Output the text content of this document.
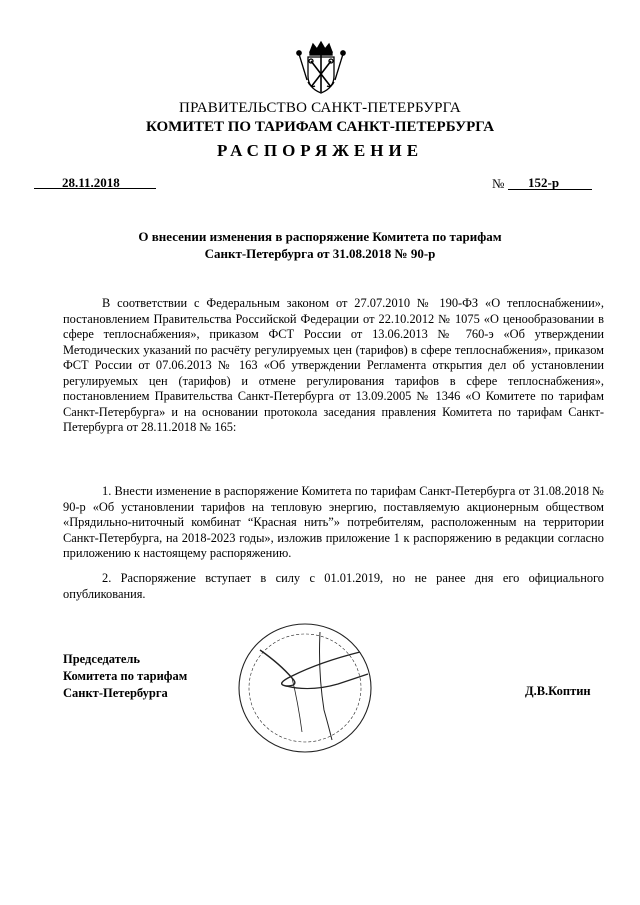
ПРАВИТЕЛЬСТВО САНКТ-ПЕТЕРБУРГА
КОМИТЕТ ПО ТАРИФАМ САНКТ-ПЕТЕРБУРГА
РАСПОРЯЖЕНИЕ
28.11.2018	№ 152-р
О внесении изменения в распоряжение Комитета по тарифам
Санкт-Петербурга от 31.08.2018 № 90-р
В соответствии с Федеральным законом от 27.07.2010 № 190-ФЗ «О теплоснабжении», постановлением Правительства Российской Федерации от 22.10.2012 № 1075 «О ценообразовании в сфере теплоснабжения», приказом ФСТ России от 13.06.2013 № 760-э «Об утверждении Методических указаний по расчёту регулируемых цен (тарифов) в сфере теплоснабжения», приказом ФСТ России от 07.06.2013 № 163 «Об утверждении Регламента открытия дел об установлении регулируемых цен (тарифов) и отмене регулирования тарифов в сфере теплоснабжения», постановлением Правительства Санкт-Петербурга от 13.09.2005 № 1346 «О Комитете по тарифам Санкт-Петербурга» и на основании протокола заседания правления Комитета по тарифам Санкт-Петербурга от 28.11.2018 № 165:
1. Внести изменение в распоряжение Комитета по тарифам Санкт-Петербурга от 31.08.2018 № 90-р «Об установлении тарифов на тепловую энергию, поставляемую акционерным обществом «Прядильно-ниточный комбинат “Красная нить”» потребителям, расположенным на территории Санкт-Петербурга, на 2018-2023 годы», изложив приложение 1 к распоряжению в редакции согласно приложению к настоящему распоряжению.
2. Распоряжение вступает в силу с 01.01.2019, но не ранее дня его официального опубликования.
Председатель
Комитета по тарифам
Санкт-Петербурга	Д.В.Коптин
